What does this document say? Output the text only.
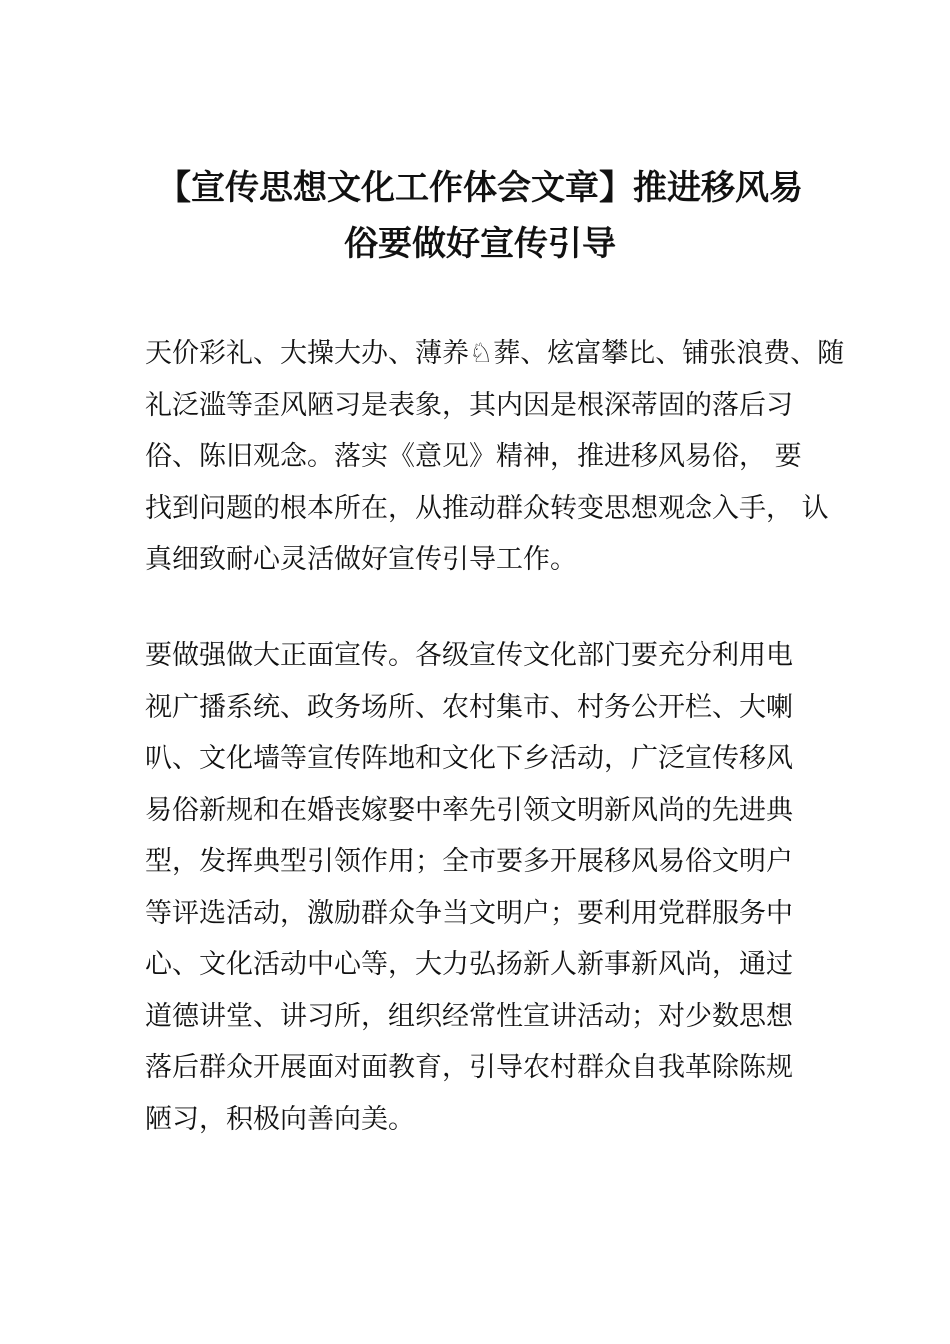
【宣传思想文化工作体会文章】推进移风易
俗要做好宣传引导
天价彩礼、大操大办、薄养♘葬、炫富攀比、铺张浪费、随
礼泛滥等歪风陋习是表象，其内因是根深蒂固的落后习
俗、陈旧观念。落实《意见》精神，推进移风易俗， 要
找到问题的根本所在，从推动群众转变思想观念入手， 认
真细致耐心灵活做好宣传引导工作。
要做强做大正面宣传。各级宣传文化部门要充分利用电
视广播系统、政务场所、农村集市、村务公开栏、大喇
叭、文化墙等宣传阵地和文化下乡活动，广泛宣传移风
易俗新规和在婚丧嫁娶中率先引领文明新风尚的先进典
型，发挥典型引领作用；全市要多开展移风易俗文明户
等评选活动，激励群众争当文明户；要利用党群服务中
心、文化活动中心等，大力弘扬新人新事新风尚，通过
道德讲堂、讲习所，组织经常性宣讲活动；对少数思想
落后群众开展面对面教育，引导农村群众自我革除陈规
陋习，积极向善向美。
